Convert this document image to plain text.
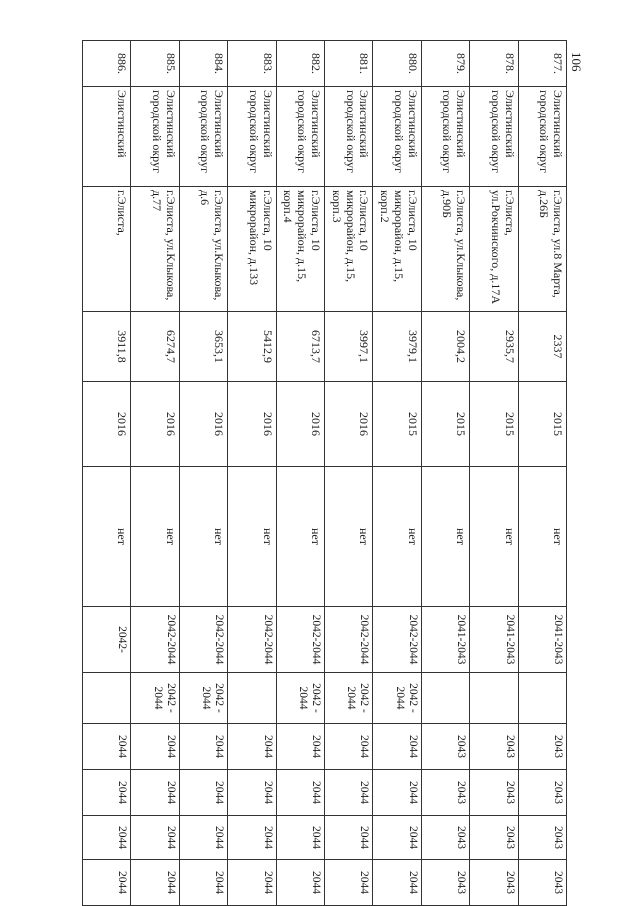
106
877.	Элистинский городской округ	г.Элиста, ул.8 Марта, д.26Б	2337	2015	нет	2041-2043		2043	2043	2043	2043
878.	Элистинский городской округ	г.Элиста, ул.Рокчинского, д.17А	2935,7	2015	нет	2041-2043		2043	2043	2043	2043
879.	Элистинский городской округ	г.Элиста, ул.Клыкова, д.90Б	2004,2	2015	нет	2041-2043		2043	2043	2043	2043
880.	Элистинский городской округ	г.Элиста, 10 микрорайон, д.15, корп.2	3979,1	2015	нет	2042-2044	2042 - 2044	2044	2044	2044	2044
881.	Элистинский городской округ	г.Элиста, 10 микрорайон, д.15, корп.3	3997,1	2016	нет	2042-2044	2042 - 2044	2044	2044	2044	2044
882.	Элистинский городской округ	г.Элиста, 10 микрорайон, д.15, корп.4	6713,7	2016	нет	2042-2044	2042 - 2044	2044	2044	2044	2044
883.	Элистинский городской округ	г.Элиста, 10 микрорайон, д.133	5412,9	2016	нет	2042-2044		2044	2044	2044	2044
884.	Элистинский городской округ	г.Элиста, ул.Клыкова, д.6	3653,1	2016	нет	2042-2044	2042 - 2044	2044	2044	2044	2044
885.	Элистинский городской округ	г.Элиста, ул.Клыкова, д.77	6274,7	2016	нет	2042-2044	2042 - 2044	2044	2044	2044	2044
886.	Элистинский	г.Элиста,	3911,8	2016	нет	2042-		2044	2044	2044	2044
